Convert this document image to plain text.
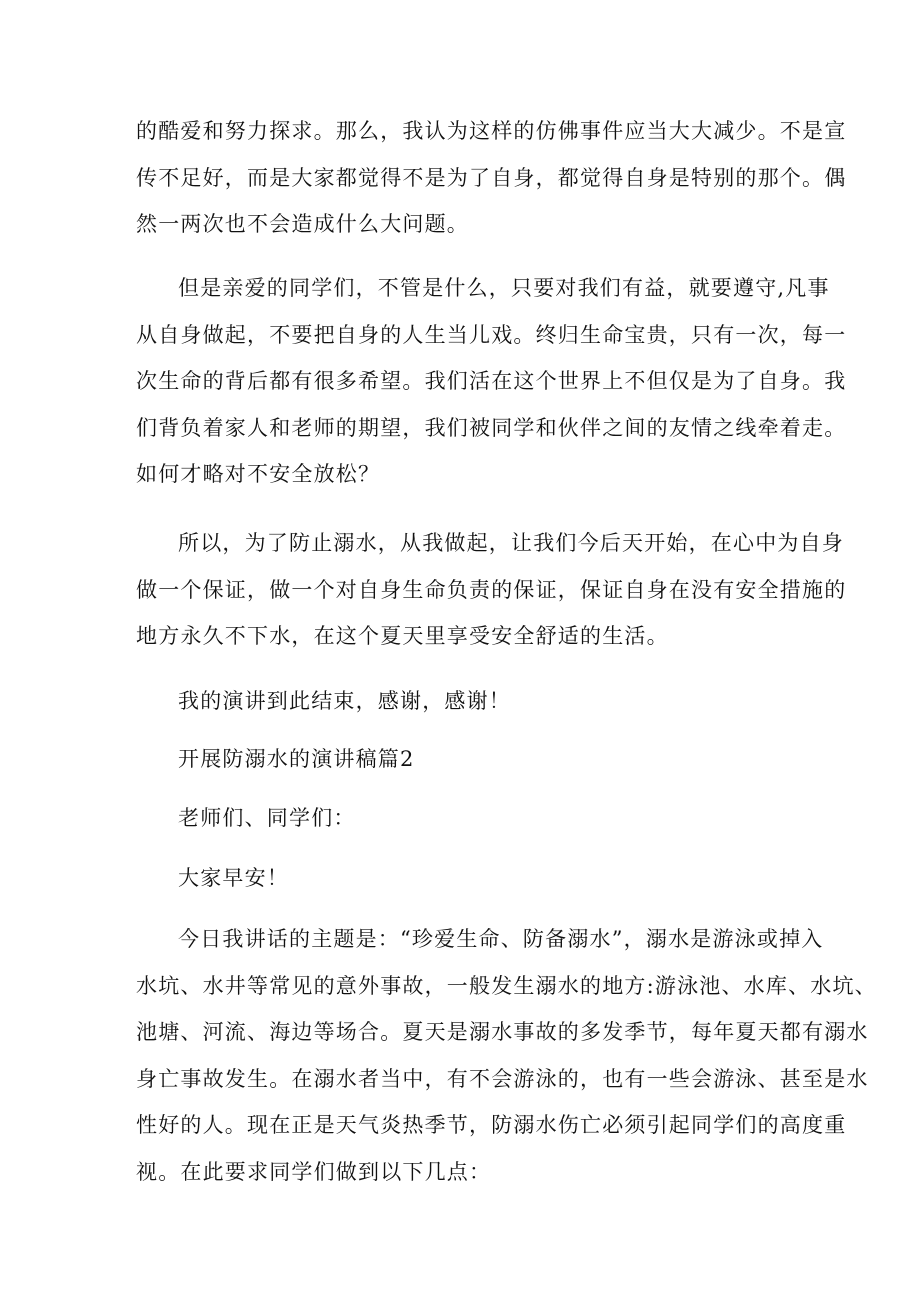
的酷爱和努力探求。那么，我认为这样的仿佛事件应当大大减少。不是宣
传不足好，而是大家都觉得不是为了自身，都觉得自身是特别的那个。偶
然一两次也不会造成什么大问题。
但是亲爱的同学们，不管是什么，只要对我们有益，就要遵守,凡事
从自身做起，不要把自身的人生当儿戏。终归生命宝贵，只有一次，每一
次生命的背后都有很多希望。我们活在这个世界上不但仅是为了自身。我
们背负着家人和老师的期望，我们被同学和伙伴之间的友情之线牵着走。
如何才略对不安全放松？
所以，为了防止溺水，从我做起，让我们今后天开始，在心中为自身
做一个保证，做一个对自身生命负责的保证，保证自身在没有安全措施的
地方永久不下水，在这个夏天里享受安全舒适的生活。

我的演讲到此结束，感谢，感谢！

开展防溺水的演讲稿篇2

老师们、同学们：

大家早安！

今日我讲话的主题是：“珍爱生命、防备溺水”，溺水是游泳或掉入
水坑、水井等常见的意外事故，一般发生溺水的地方:游泳池、水库、水坑、
池塘、河流、海边等场合。夏天是溺水事故的多发季节，每年夏天都有溺水
身亡事故发生。在溺水者当中，有不会游泳的，也有一些会游泳、甚至是水
性好的人。现在正是天气炎热季节，防溺水伤亡必须引起同学们的高度重
视。在此要求同学们做到以下几点：
